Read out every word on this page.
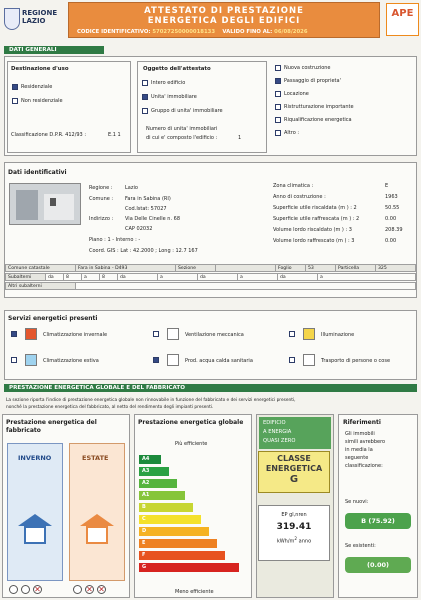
REGIONE
LAZIO
ATTESTATO DI PRESTAZIONE
ENERGETICA DEGLI EDIFICI
CODICE IDENTIFICATIVO: 57027250000018133 VALIDO FINO AL: 06/08/2026
APE
DATI GENERALI
Destinazione d'uso
Residenziale
Non residenziale
Classificazione D.P.R. 412/93 :	E.1 1
Oggetto dell'attestato
Intero edificio
Unita' immobiliare
Gruppo di unita' immobiliare
Numero di unita' immobiliari
di cui e' composto l'edificio :	1
Nuova costruzione
Passaggio di proprieta'
Locazione
Ristrutturazione importante
Riqualificazione energetica
Altro :
Dati identificativi
Regione :	Lazio
Comune : Fara in Sabina (RI)
Cod.Istat: 57027
Indirizzo : Via Delle Cinelle n. 68
CAP 02032
Piano : 1 - Interno : -
Coord. GIS : Lat : 42.2000 ; Long : 12.7 167
Zona climatica :	E
Anno di costruzione :	1963
Superficie utile riscaldata (m ) : 2	50.55
Superficie utile raffrescata (m ) : 2	0.00
Volume lordo riscaldato (m ) : 3	208.39
Volume lordo raffrescato (m ) : 3	0.00
Comune catastale	Fara in Sabina - D493	Sezione		Foglio	53	Particella	325
Subalterni	da	8	a	8	da	a	da	a	da	a
Altri subalterni	
Servizi energetici presenti
Climatizzazione invernale	Ventilazione meccanica	Illuminazione
Climatizzazione estiva	Prod. acqua calda sanitaria	Trasporto di persone o cose
PRESTAZIONE ENERGETICA GLOBALE E DEL FABBRICATO
La sezione riporta l'indice di prestazione energetica globale non rinnovabile in funzione del fabbricato e dei servizi energetici presenti,
nonché la prestazione energetica del fabbricato, al netto del rendimento degli impianti presenti.
Prestazione energetica del
fabbricato
INVERNO	ESTATE
✕
✕
✕
Prestazione energetica globale
Più efficiente
A4
A3
A2
A1
B
C
D
E
F
G
Meno efficiente
EDIFICIO
A ENERGIA
QUASI ZERO
CLASSE
ENERGETICA
G
EP gl,nren
319.41
kWh/$m^2$ anno
Riferimenti
Gli immobili
simili avrebbero
in media la
seguente
classificazione:
Se nuovi:
B (75.92)
Se esistenti:
(0.00)
